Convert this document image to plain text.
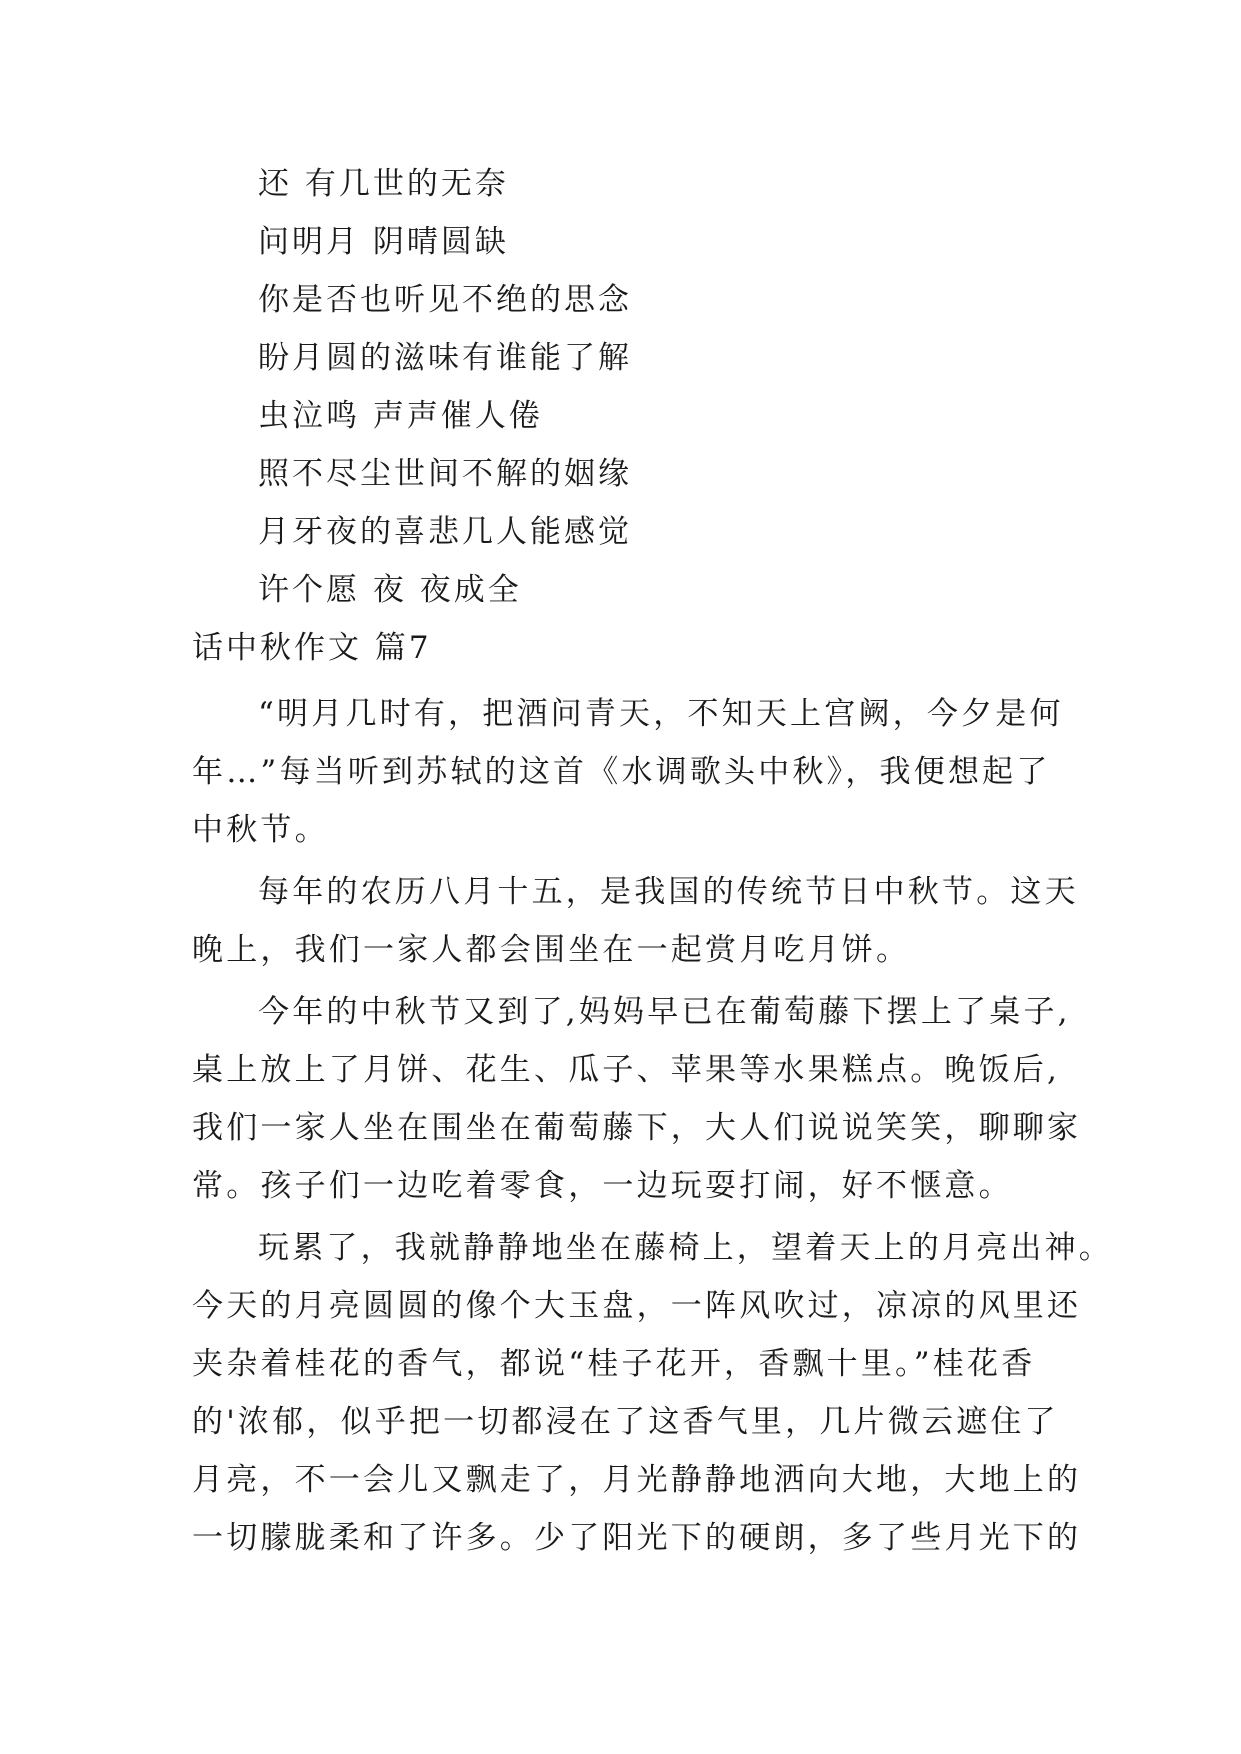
还 有几世的无奈
问明月 阴晴圆缺
你是否也听见不绝的思念
盼月圆的滋味有谁能了解
虫泣鸣 声声催人倦
照不尽尘世间不解的姻缘
月牙夜的喜悲几人能感觉
许个愿 夜 夜成全
话中秋作文 篇7
“明月几时有，把酒问青天，不知天上宫阙，今夕是何
年…”每当听到苏轼的这首《水调歌头中秋》，我便想起了
中秋节。
每年的农历八月十五，是我国的传统节日中秋节。这天
晚上，我们一家人都会围坐在一起赏月吃月饼。
今年的中秋节又到了,妈妈早已在葡萄藤下摆上了桌子,
桌上放上了月饼、花生、瓜子、苹果等水果糕点。晚饭后,
我们一家人坐在围坐在葡萄藤下，大人们说说笑笑，聊聊家
常。孩子们一边吃着零食，一边玩耍打闹，好不惬意。
玩累了，我就静静地坐在藤椅上，望着天上的月亮出神。
今天的月亮圆圆的像个大玉盘，一阵风吹过，凉凉的风里还
夹杂着桂花的香气，都说“桂子花开，香飘十里。”桂花香
的'浓郁，似乎把一切都浸在了这香气里，几片微云遮住了
月亮，不一会儿又飘走了，月光静静地洒向大地，大地上的
一切朦胧柔和了许多。少了阳光下的硬朗，多了些月光下的
